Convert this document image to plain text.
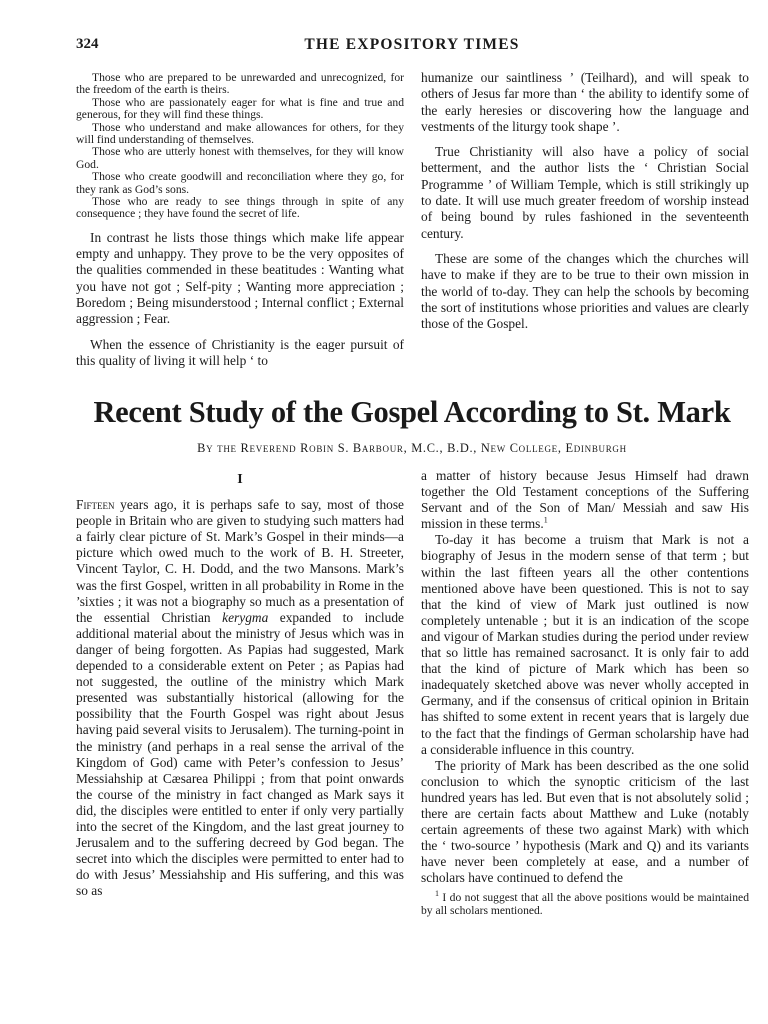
324	THE EXPOSITORY TIMES

Those who are prepared to be unrewarded and unrecognized, for the freedom of the earth is theirs.

Those who are passionately eager for what is fine and true and generous, for they will find these things.

Those who understand and make allowances for others, for they will find understanding of themselves.

Those who are utterly honest with themselves, for they will know God.

Those who create goodwill and reconciliation where they go, for they rank as God’s sons.

Those who are ready to see things through in spite of any consequence ; they have found the secret of life.

In contrast he lists those things which make life appear empty and unhappy. They prove to be the very opposites of the qualities commended in these beatitudes : Wanting what you have not got ; Self-pity ; Wanting more appreciation ; Boredom ; Being misunderstood ; Internal conflict ; External aggression ; Fear.

When the essence of Christianity is the eager pursuit of this quality of living it will help ‘ to

humanize our saintliness ’ (Teilhard), and will speak to others of Jesus far more than ‘ the ability to identify some of the early heresies or discovering how the language and vestments of the liturgy took shape ’.

True Christianity will also have a policy of social betterment, and the author lists the ‘ Christian Social Programme ’ of William Temple, which is still strikingly up to date. It will use much greater freedom of worship instead of being bound by rules fashioned in the seventeenth century.

These are some of the changes which the churches will have to make if they are to be true to their own mission in the world of to-day. They can help the schools by becoming the sort of institutions whose priorities and values are clearly those of the Gospel.

Recent Study of the Gospel According to St. Mark
By the Reverend Robin S. Barbour, M.C., B.D., New College, Edinburgh
I

Fifteen years ago, it is perhaps safe to say, most of those people in Britain who are given to studying such matters had a fairly clear picture of St. Mark’s Gospel in their minds—a picture which owed much to the work of B. H. Streeter, Vincent Taylor, C. H. Dodd, and the two Mansons. Mark’s was the first Gospel, written in all probability in Rome in the ’sixties ; it was not a biography so much as a presentation of the essential Christian kerygma expanded to include additional material about the ministry of Jesus which was in danger of being forgotten. As Papias had suggested, Mark depended to a considerable extent on Peter ; as Papias had not suggested, the outline of the ministry which Mark presented was substantially historical (allowing for the possibility that the Fourth Gospel was right about Jesus having paid several visits to Jerusalem). The turning-point in the ministry (and perhaps in a real sense the arrival of the Kingdom of God) came with Peter’s confession to Jesus’ Messiahship at Cæsarea Philippi ; from that point onwards the course of the ministry in fact changed as Mark says it did, the disciples were entitled to enter if only very partially into the secret of the Kingdom, and the last great journey to Jerusalem and to the suffering decreed by God began. The secret into which the disciples were permitted to enter had to do with Jesus’ Messiahship and His suffering, and this was so as

a matter of history because Jesus Himself had drawn together the Old Testament conceptions of the Suffering Servant and of the Son of Man/ Messiah and saw His mission in these terms.$^1$

To-day it has become a truism that Mark is not a biography of Jesus in the modern sense of that term ; but within the last fifteen years all the other contentions mentioned above have been questioned. This is not to say that the kind of view of Mark just outlined is now completely untenable ; but it is an indication of the scope and vigour of Markan studies during the period under review that so little has remained sacrosanct. It is only fair to add that the kind of picture of Mark which has been so inadequately sketched above was never wholly accepted in Germany, and if the consensus of critical opinion in Britain has shifted to some extent in recent years that is largely due to the fact that the findings of German scholarship have had a considerable influence in this country.

The priority of Mark has been described as the one solid conclusion to which the synoptic criticism of the last hundred years has led. But even that is not absolutely solid ; there are certain facts about Matthew and Luke (notably certain agreements of these two against Mark) with which the ‘ two-source ’ hypothesis (Mark and Q) and its variants have never been completely at ease, and a number of scholars have continued to defend the

$^1$ I do not suggest that all the above positions would be maintained by all scholars mentioned.
